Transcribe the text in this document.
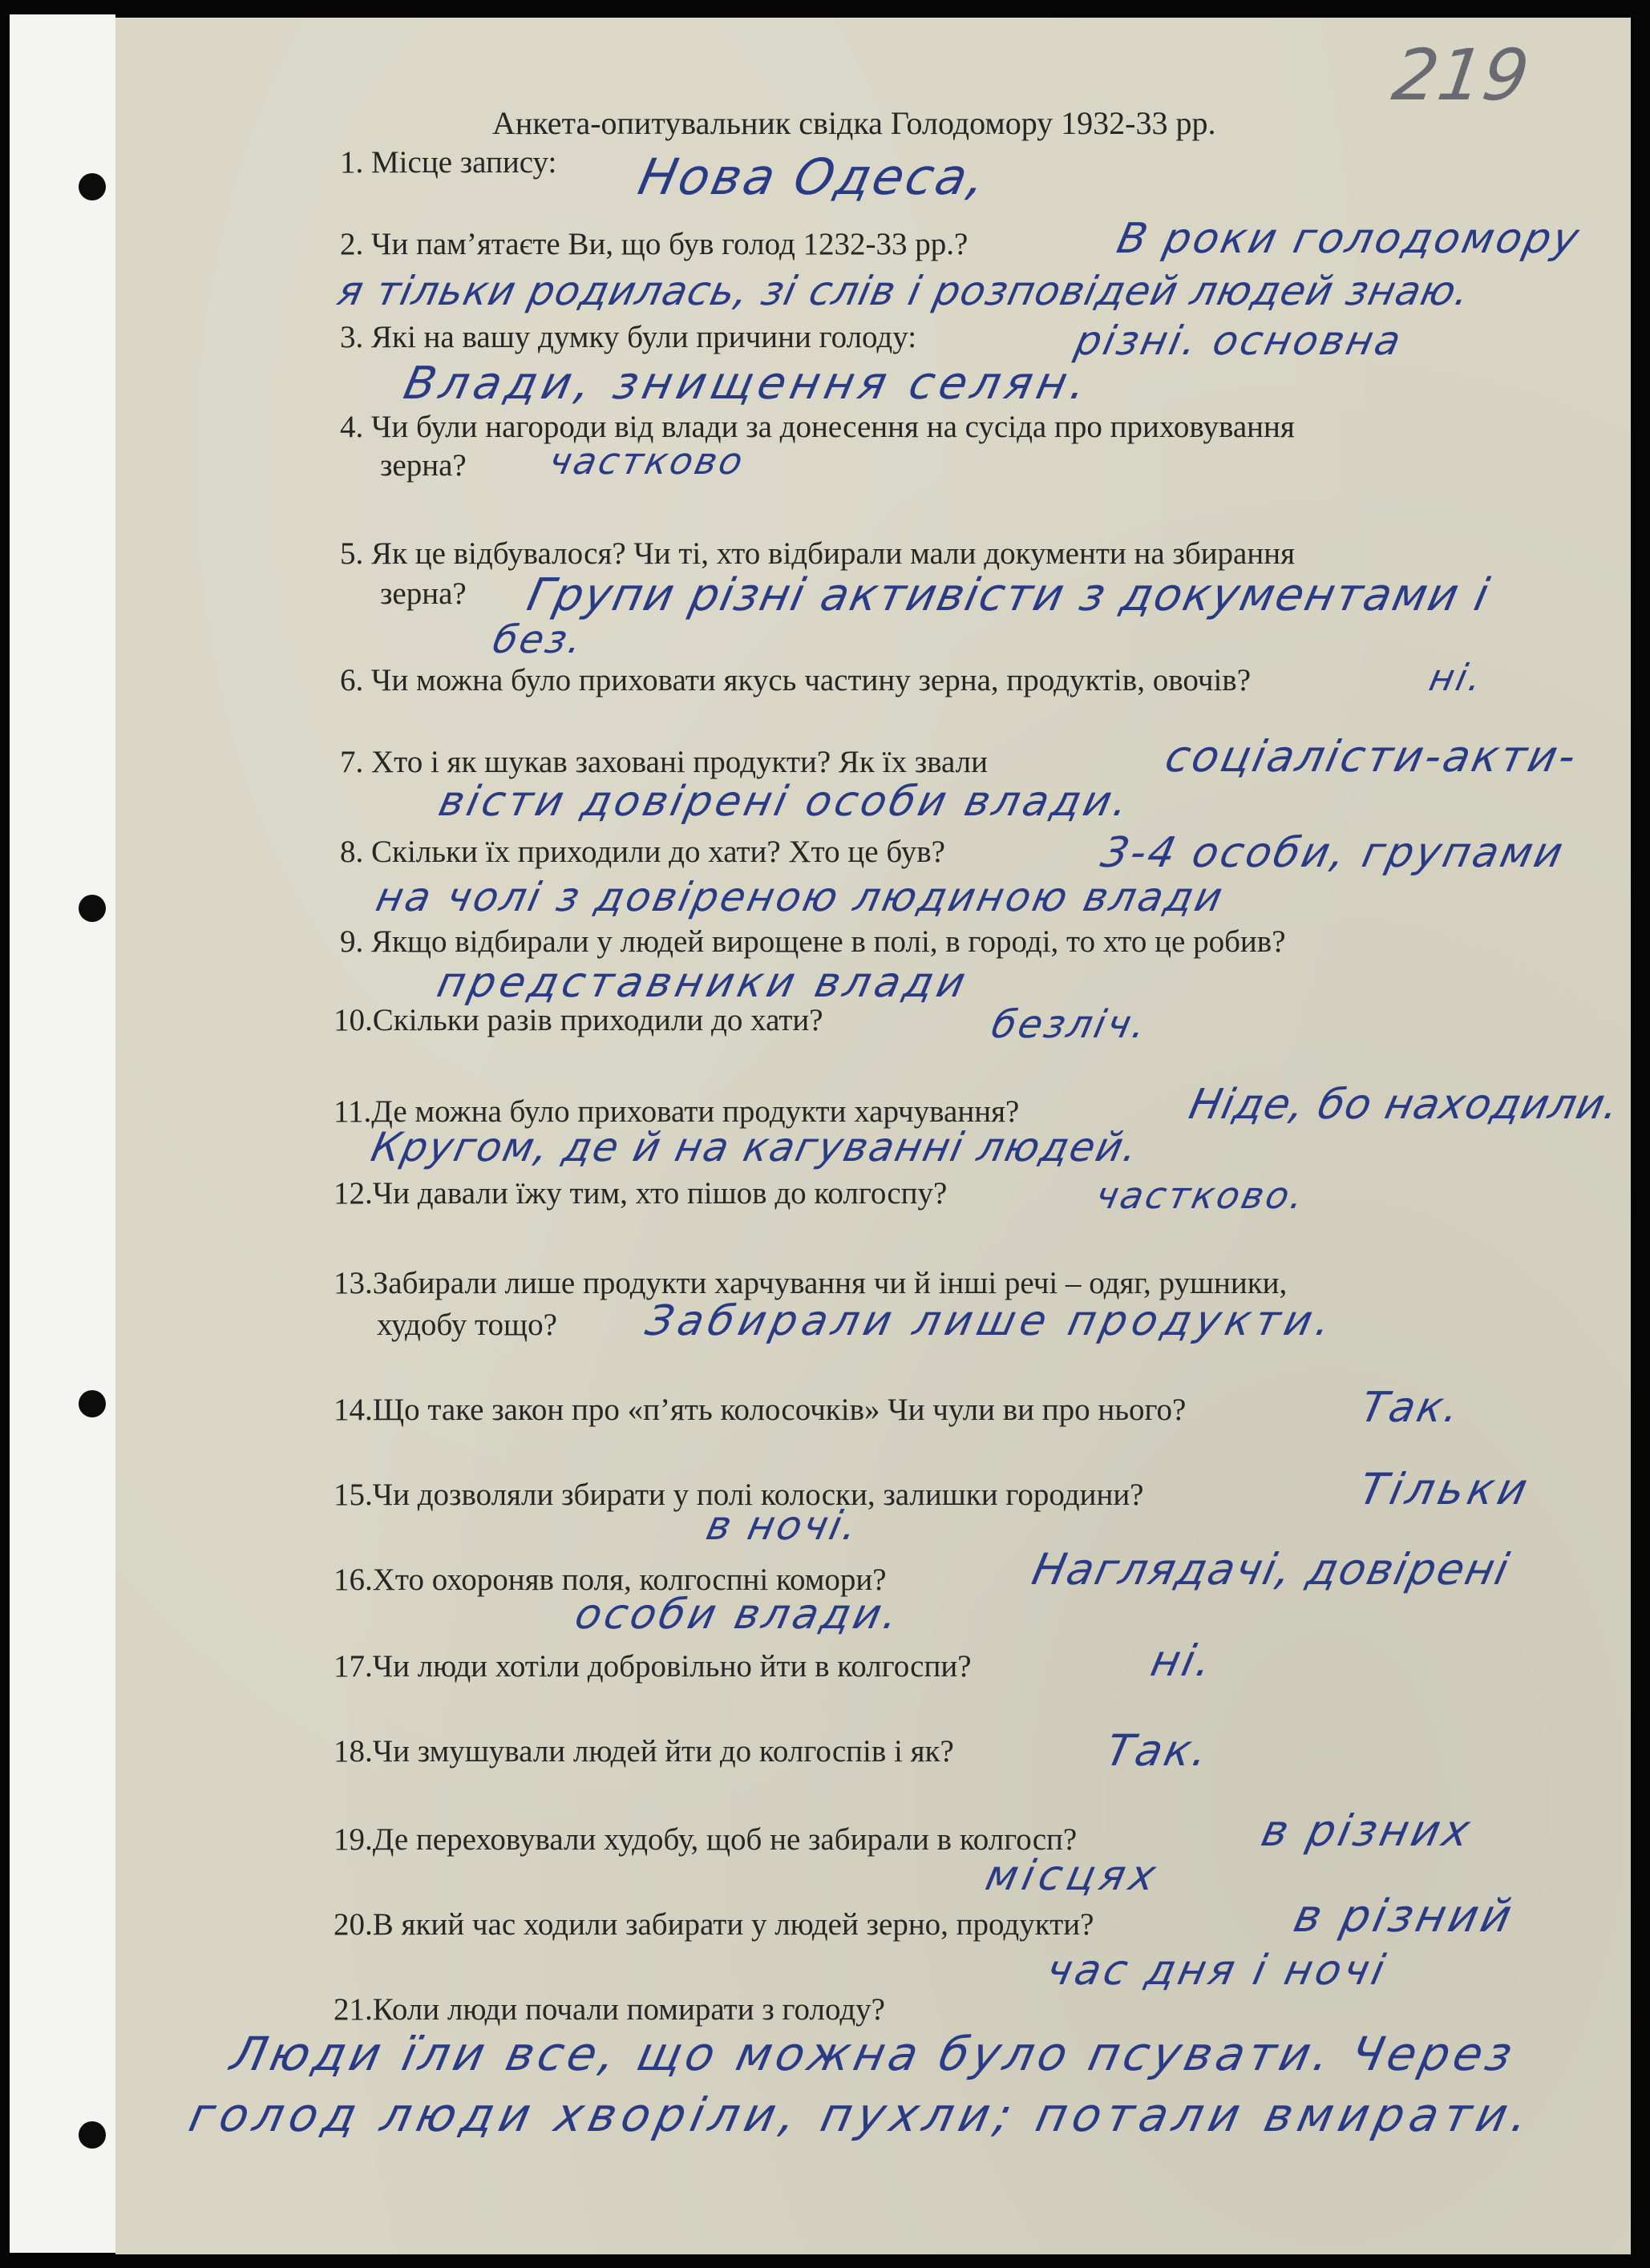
219
Анкета-опитувальник свідка Голодомору 1932-33 рр.
1. Місце запису: Нова Одеса,
2. Чи пам’ятаєте Ви, що був голод 1232-33 рр.?	В роки голодомору
я тільки родилась, зі слів і розповідей людей знаю.
3. Які на вашу думку були причини голоду:	різні. основна
Влади, знищення селян.
4. Чи були нагороди від влади за донесення на сусіда про приховування
зерна? частково
5. Як це відбувалося? Чи ті, хто відбирали мали документи на збирання
зерна? Групи різні активісти з документами і
без.
6. Чи можна було приховати якусь частину зерна, продуктів, овочів?	ні.
7. Хто і як шукав заховані продукти? Як їх звали	соціалісти-акти-
вісти довірені особи влади.
8. Скільки їх приходили до хати? Хто це був?	3-4 особи, групами
на чолі з довіреною людиною влади
9. Якщо відбирали у людей вирощене в полі, в городі, то хто це робив?
представники влади
10.Скільки разів приходили до хати?	безліч.
11.Де можна було приховати продукти харчування?	Ніде, бо находили.
Кругом, де й на кагуванні людей.
12.Чи давали їжу тим, хто пішов до колгоспу?	частково.
13.Забирали лише продукти харчування чи й інші речі – одяг, рушники,
худобу тощо? Забирали лише продукти.
14.Що таке закон про «п’ять колосочків» Чи чули ви про нього?	Так.
15.Чи дозволяли збирати у полі колоски, залишки городини?	Тільки
в ночі.
16.Хто охороняв поля, колгоспні комори?	Наглядачі, довірені
особи влади.
17.Чи люди хотіли добровільно йти в колгоспи?	ні.
18.Чи змушували людей йти до колгоспів і як?	Так.
19.Де переховували худобу, щоб не забирали в колгосп?	в різних
місцях
20.В який час ходили забирати у людей зерно, продукти?	в різний
час дня і ночі
21.Коли люди почали помирати з голоду?
Люди їли все, що можна було псувати. Через
голод люди хворіли, пухли; потали вмирати.
